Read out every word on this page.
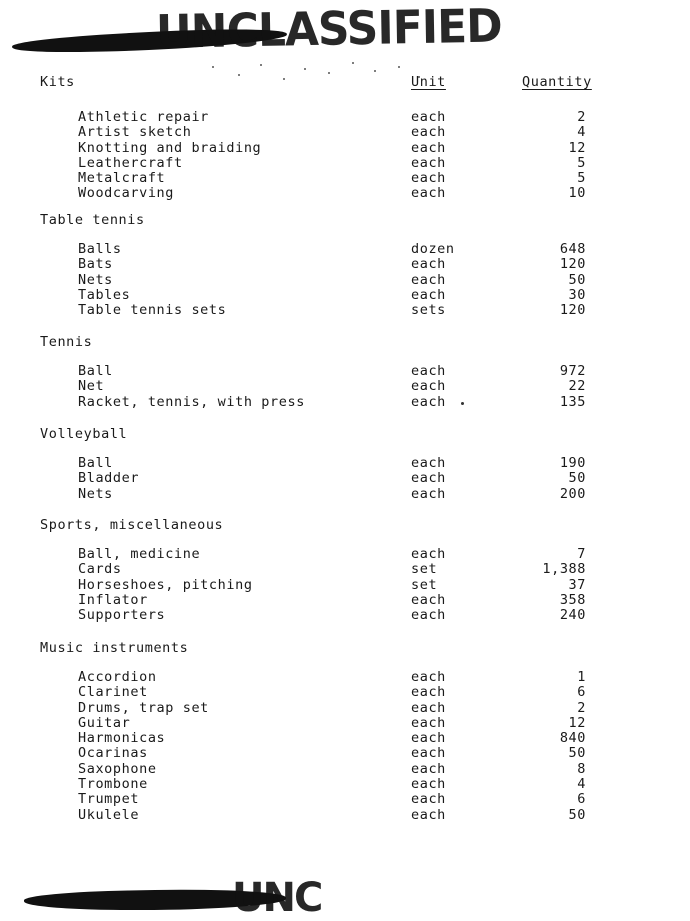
UNCLASSIFIED
Kits	Unit	Quantity
Athletic repair	each	2
Artist sketch	each	4
Knotting and braiding	each	12
Leathercraft	each	5
Metalcraft	each	5
Woodcarving	each	10
Table tennis
Balls	dozen	648
Bats	each	120
Nets	each	50
Tables	each	30
Table tennis sets	sets	120
Tennis
Ball	each	972
Net	each	22
Racket, tennis, with press	each	135
Volleyball
Ball	each	190
Bladder	each	50
Nets	each	200
Sports, miscellaneous
Ball, medicine	each	7
Cards	set	1,388
Horseshoes, pitching	set	37
Inflator	each	358
Supporters	each	240
Music instruments
Accordion	each	1
Clarinet	each	6
Drums, trap set	each	2
Guitar	each	12
Harmonicas	each	840
Ocarinas	each	50
Saxophone	each	8
Trombone	each	4
Trumpet	each	6
Ukulele	each	50
UNC
